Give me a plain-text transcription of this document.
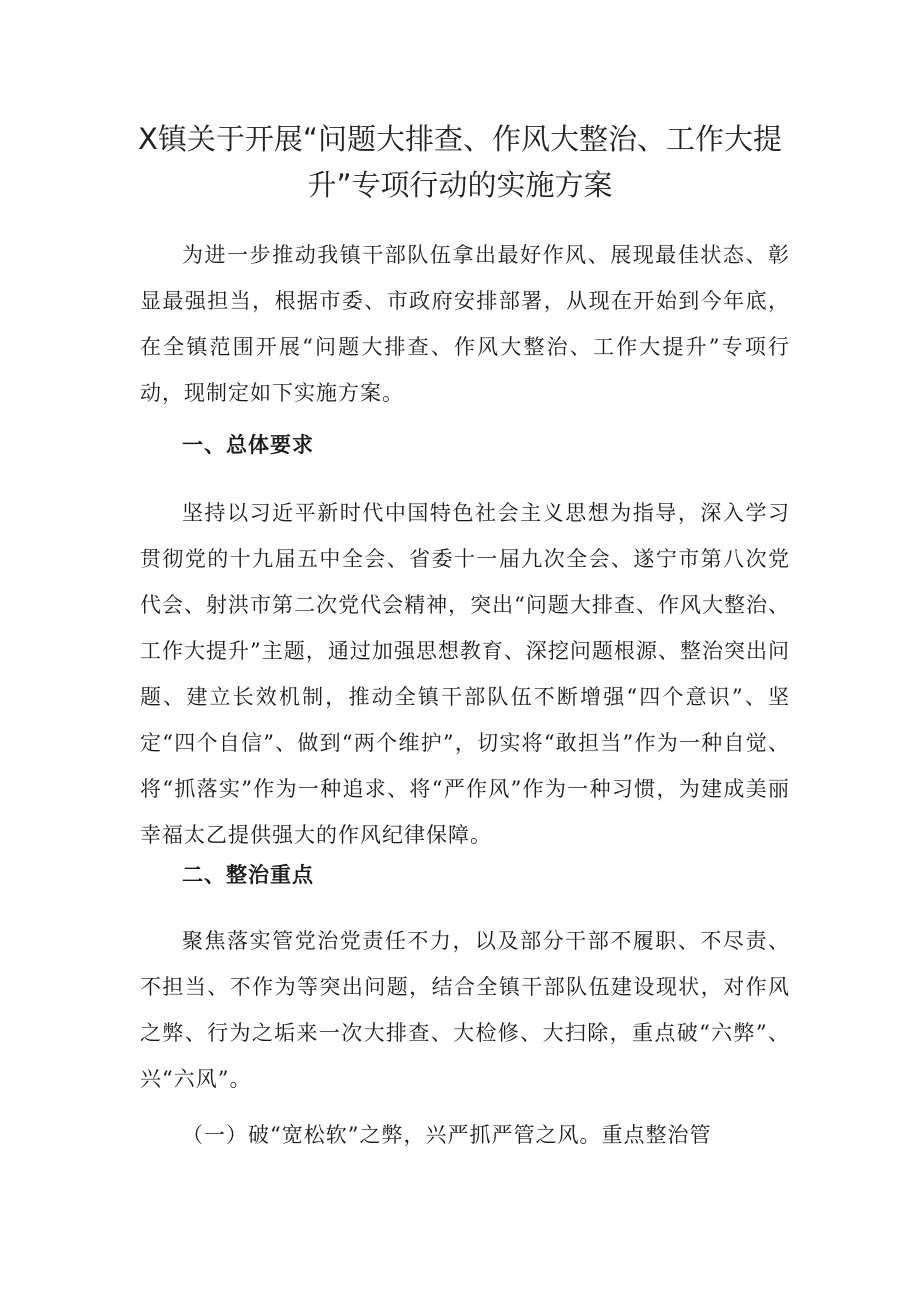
X镇关于开展“问题大排查、作风大整治、工作大提升”专项行动的实施方案

为进一步推动我镇干部队伍拿出最好作风、展现最佳状态、彰显最强担当，根据市委、市政府安排部署，从现在开始到今年底，在全镇范围开展“问题大排查、作风大整治、工作大提升”专项行动，现制定如下实施方案。

一、总体要求

坚持以习近平新时代中国特色社会主义思想为指导，深入学习贯彻党的十九届五中全会、省委十一届九次全会、遂宁市第八次党代会、射洪市第二次党代会精神，突出“问题大排查、作风大整治、工作大提升”主题，通过加强思想教育、深挖问题根源、整治突出问题、建立长效机制，推动全镇干部队伍不断增强“四个意识”、坚定“四个自信”、做到“两个维护”，切实将“敢担当”作为一种自觉、将“抓落实”作为一种追求、将“严作风”作为一种习惯，为建成美丽幸福太乙提供强大的作风纪律保障。

二、整治重点

聚焦落实管党治党责任不力，以及部分干部不履职、不尽责、不担当、不作为等突出问题，结合全镇干部队伍建设现状，对作风之弊、行为之垢来一次大排查、大检修、大扫除，重点破“六弊”、兴“六风”。

（一）破“宽松软”之弊，兴严抓严管之风。重点整治管
